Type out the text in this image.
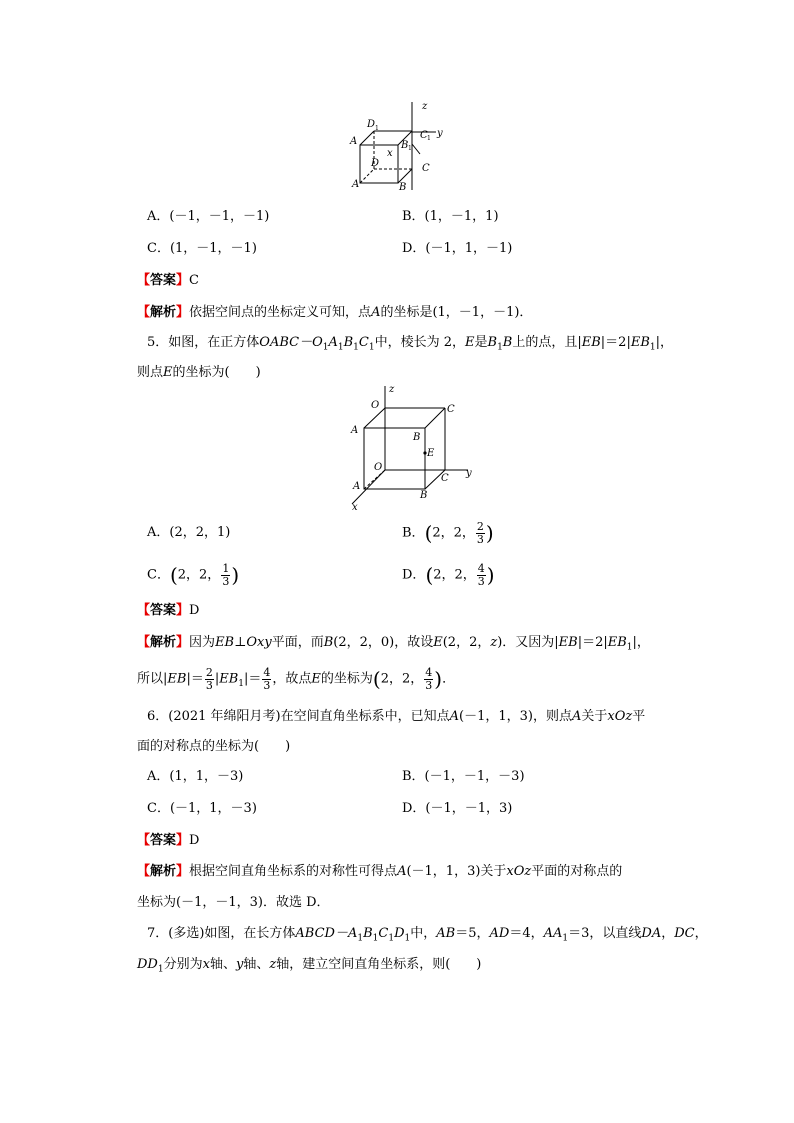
z
y
x
D
C
A	B
D	C
A	B
A．(－1，－1，－1)	B．(1，－1，1)
C．(1，－1，－1)	D．(－1，1，－1)
【答案】C
【解析】依据空间点的坐标定义可知，点A的坐标是(1，－1，－1)．
5．如图，在正方体$OABC-O_1A_1B_1C_1$中，棱长为 2，E是$B_1B$上的点，且$|EB|=2|EB_1|$，
则点E的坐标为(　　)
z
O	C
A
B
E
O
C y
A
B
x
A．(2，2，1)	B．(2，2， $\frac{2}{3}$ )
C．(2，2， $\frac{1}{3}$ )	D．(2，2， $\frac{4}{3}$ )
【答案】D
【解析】因为EB⊥Oxy平面，而B(2，2，0)，故设E(2，2，z)．又因为$|EB|=2|EB_1|$，
所以$|EB|= \frac{2}{3} |EB_1|= \frac{4}{3}$ ，故点E的坐标为(2，2， $\frac{4}{3}$ )．
6．(2021 年绵阳月考)在空间直角坐标系中，已知点A(－1，1，3)，则点A关于xOz平
面的对称点的坐标为(　　)
A．(1，1，－3)	B．(－1，－1，－3)
C．(－1，1，－3)	D．(－1，－1，3)
【答案】D
【解析】根据空间直角坐标系的对称性可得点A(－1，1，3)关于xOz平面的对称点的
坐标为(－1，－1，3)．故选 D．
7．(多选)如图，在长方体$ABCD-A_1B_1C_1D_1$中，AB＝5，AD＝4，$AA_1=3$，以直线DA，DC，
$DD_1$分别为x轴、y轴、z轴，建立空间直角坐标系，则(　　)
1
1
1
